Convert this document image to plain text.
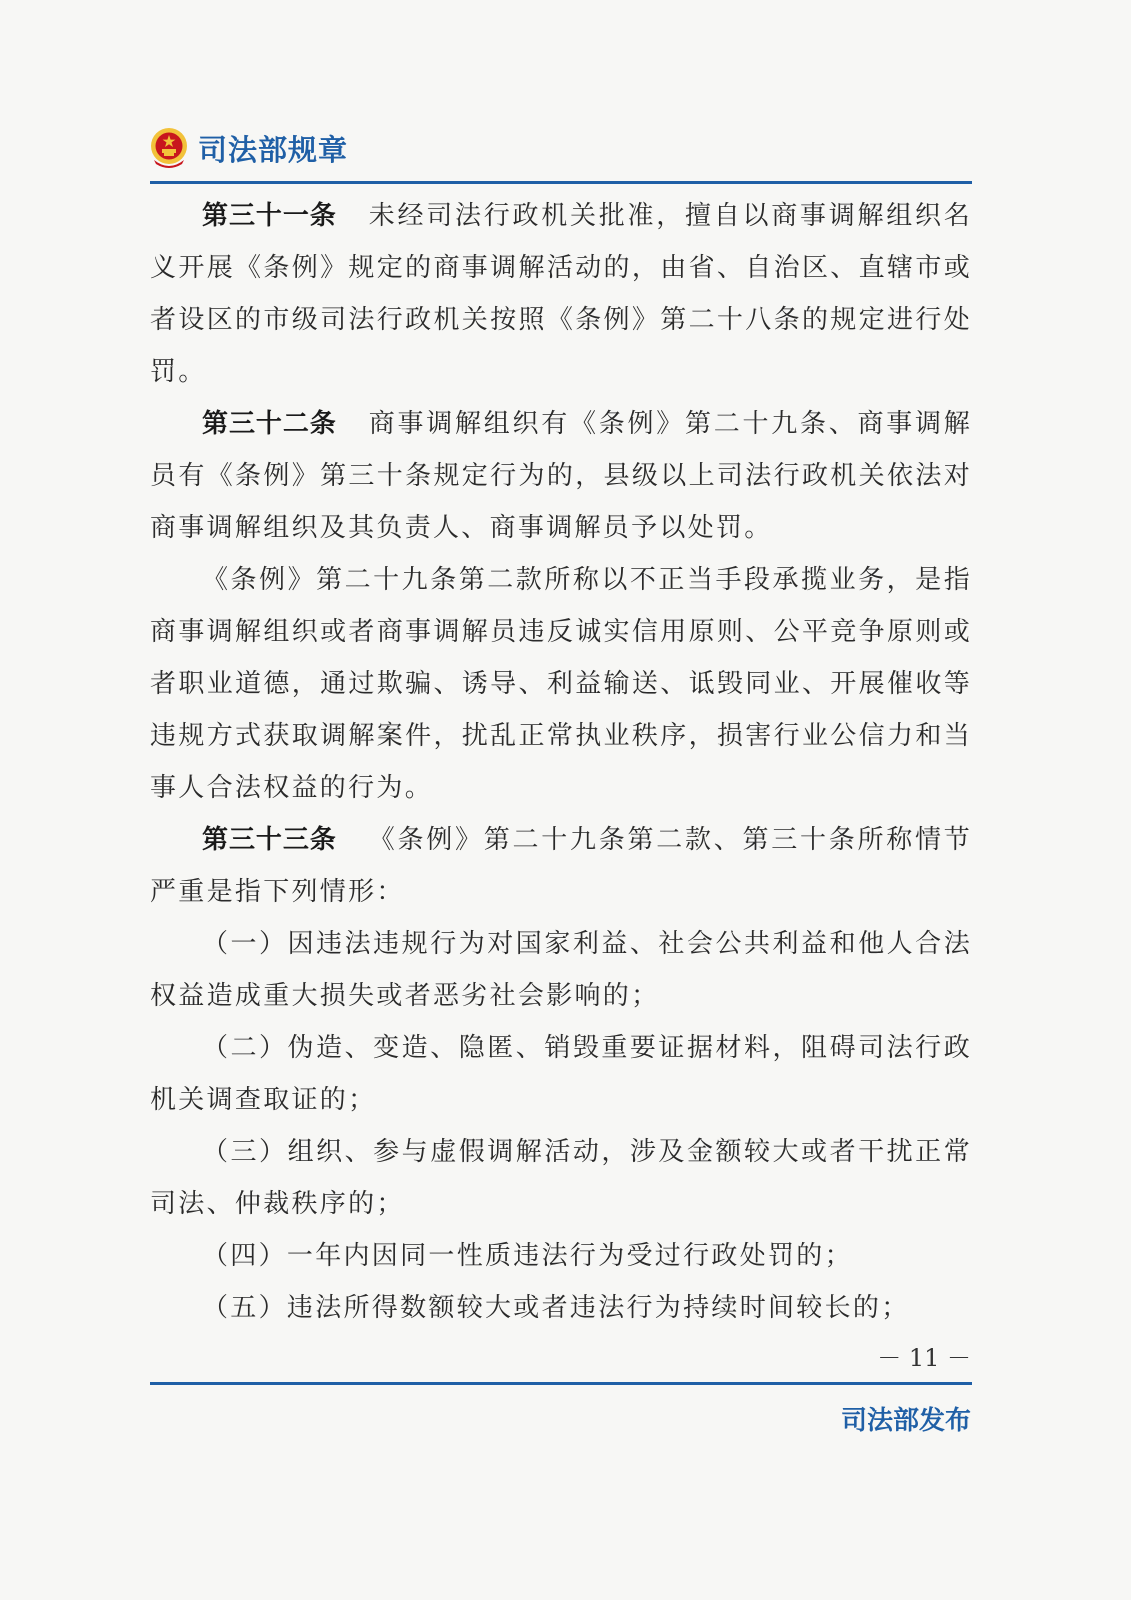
司法部规章

第三十一条 未经司法行政机关批准，擅自以商事调解组织名义开展《条例》规定的商事调解活动的，由省、自治区、直辖市或者设区的市级司法行政机关按照《条例》第二十八条的规定进行处罚。

第三十二条 商事调解组织有《条例》第二十九条、商事调解员有《条例》第三十条规定行为的，县级以上司法行政机关依法对商事调解组织及其负责人、商事调解员予以处罚。

《条例》第二十九条第二款所称以不正当手段承揽业务，是指商事调解组织或者商事调解员违反诚实信用原则、公平竞争原则或者职业道德，通过欺骗、诱导、利益输送、诋毁同业、开展催收等违规方式获取调解案件，扰乱正常执业秩序，损害行业公信力和当事人合法权益的行为。

第三十三条 《条例》第二十九条第二款、第三十条所称情节严重是指下列情形：

（一）因违法违规行为对国家利益、社会公共利益和他人合法权益造成重大损失或者恶劣社会影响的；

（二）伪造、变造、隐匿、销毁重要证据材料，阻碍司法行政机关调查取证的；

（三）组织、参与虚假调解活动，涉及金额较大或者干扰正常司法、仲裁秩序的；

（四）一年内因同一性质违法行为受过行政处罚的；

（五）违法所得数额较大或者违法行为持续时间较长的；

－ 11 －
司法部发布
